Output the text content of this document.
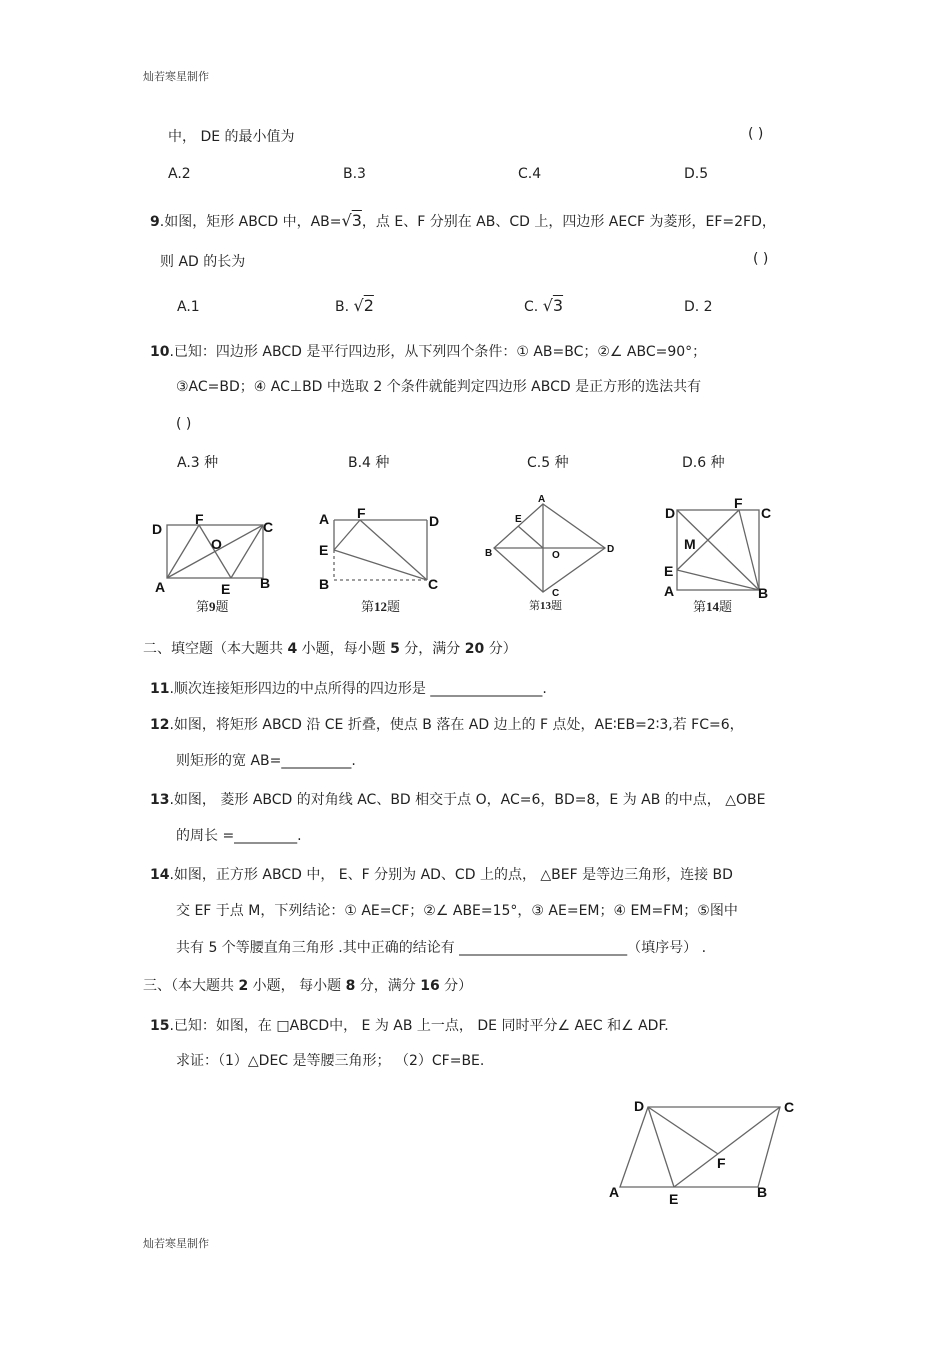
灿若寒星制作
灿若寒星制作
中， DE 的最小值为	( )
A.2	B.3	C.4	D.5
9.如图，矩形 ABCD 中，AB=√3，点 E、F 分别在 AB、CD 上，四边形 AECF 为菱形，EF=2FD，
则 AD 的长为	( )
A.1	B. √2	C. √3	D. 2
10.已知：四边形 ABCD 是平行四边形，从下列四个条件：① AB=BC；②∠ ABC=90°；
③AC=BD；④ AC⊥BD 中选取 2 个条件就能判定四边形 ABCD 是正方形的选法共有
( )
A.3 种	B.4 种	C.5 种	D.6 种
D
F	C
O
A	E B
第9题
A F	D
E
B	C
第12题
A
E
B	O
D
C
第13题
D
F
C
M
E
A	B
第14题
二、填空题（本大题共 4 小题，每小题 5 分，满分 20 分）
11.顺次连接矩形四边的中点所得的四边形是 ________________.
12.如图，将矩形 ABCD 沿 CE 折叠，使点 B 落在 AD 边上的 F 点处，AE∶EB=2∶3,若 FC=6，
则矩形的宽 AB=__________.
13.如图， 菱形 ABCD 的对角线 AC、BD 相交于点 O，AC=6，BD=8，E 为 AB 的中点， △OBE
的周长 =_________.
14.如图，正方形 ABCD 中， E、F 分别为 AD、CD 上的点， △BEF 是等边三角形，连接 BD
交 EF 于点 M，下列结论：① AE=CF；②∠ ABE=15°，③ AE=EM；④ EM=FM；⑤图中
共有 5 个等腰直角三角形 .其中正确的结论有 ________________________（填序号） .
三、（本大题共 2 小题， 每小题 8 分，满分 16 分）
15.已知：如图，在 □ABCD中， E 为 AB 上一点， DE 同时平分∠ AEC 和∠ ADF.
求证：（1）△DEC 是等腰三角形； （2）CF=BE.
D	C
F
A	E	B
